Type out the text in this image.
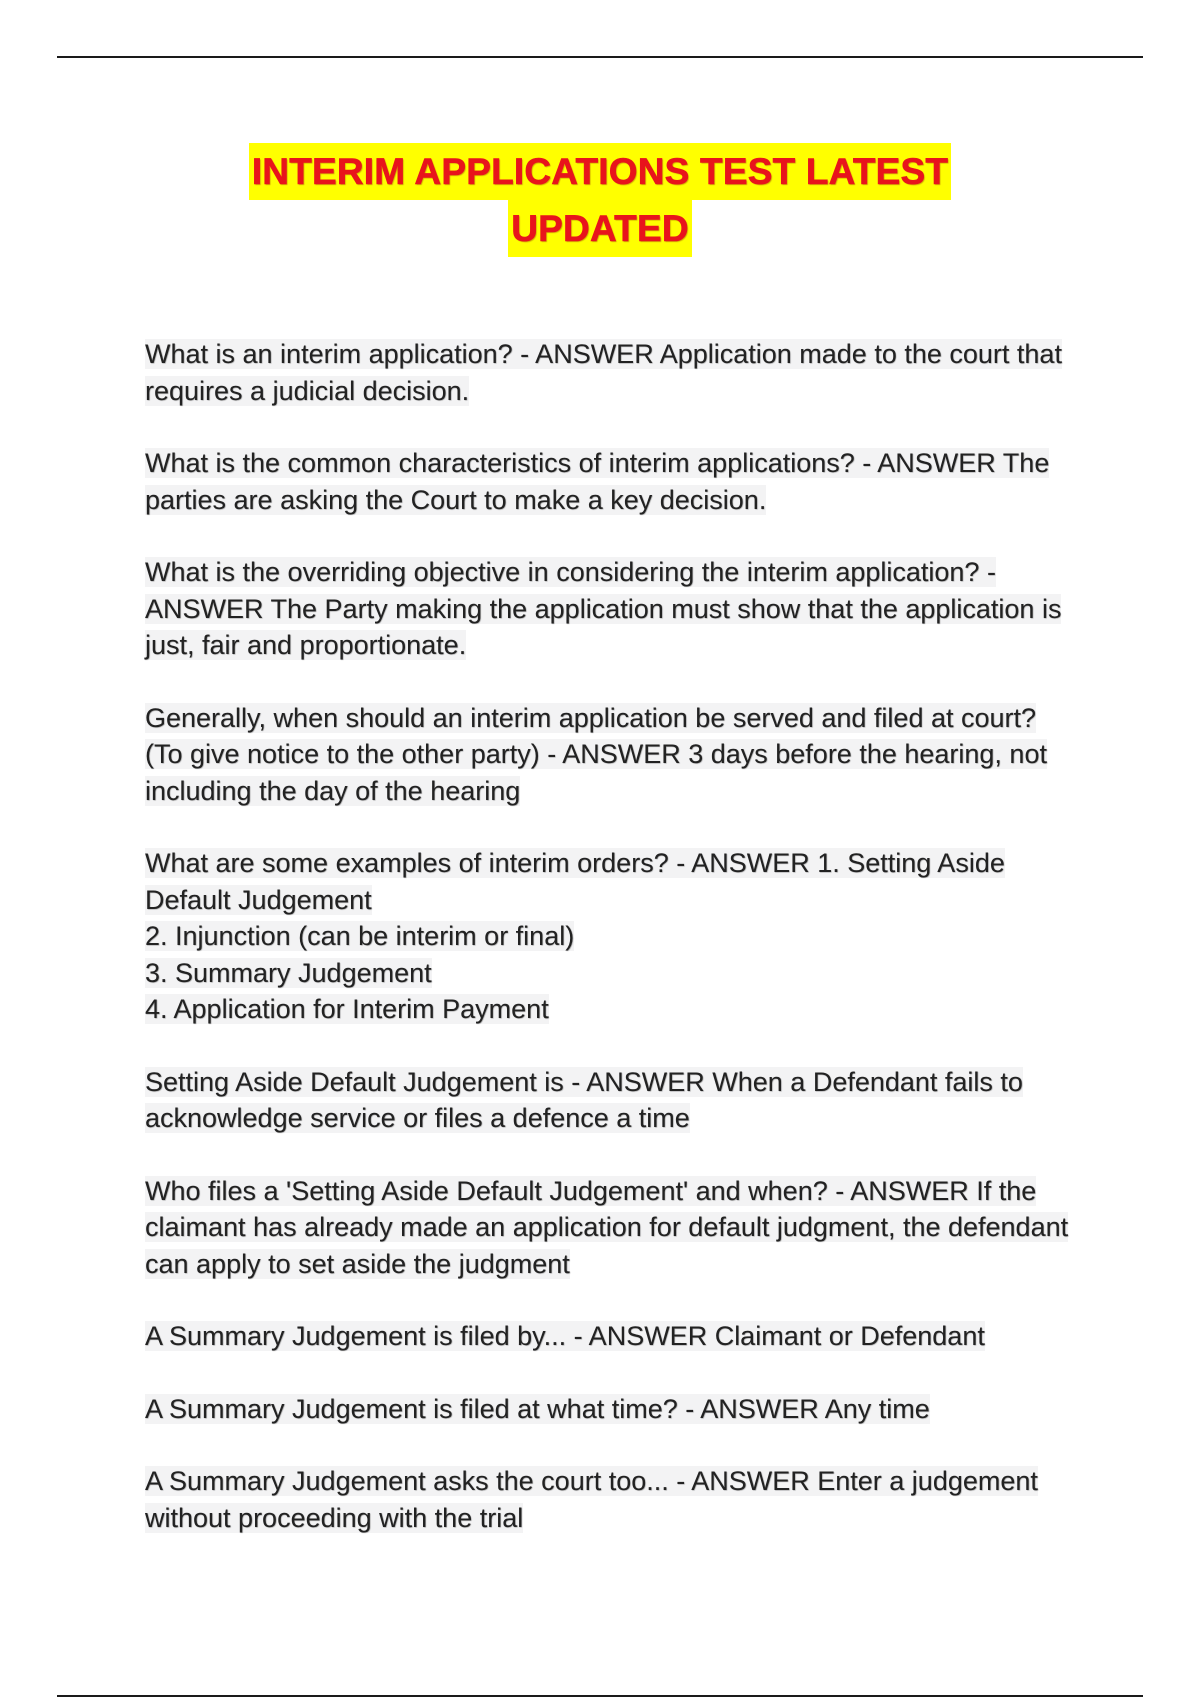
INTERIM APPLICATIONS TEST LATEST
UPDATED

What is an interim application? - ANSWER Application made to the court that requires a judicial decision.

What is the common characteristics of interim applications? - ANSWER The parties are asking the Court to make a key decision.

What is the overriding objective in considering the interim application? - ANSWER The Party making the application must show that the application is just, fair and proportionate.

Generally, when should an interim application be served and filed at court? (To give notice to the other party) - ANSWER 3 days before the hearing, not including the day of the hearing

What are some examples of interim orders? - ANSWER 1. Setting Aside Default Judgement
2. Injunction (can be interim or final)
3. Summary Judgement
4. Application for Interim Payment

Setting Aside Default Judgement is - ANSWER When a Defendant fails to acknowledge service or files a defence a time

Who files a 'Setting Aside Default Judgement' and when? - ANSWER If the claimant has already made an application for default judgment, the defendant can apply to set aside the judgment

A Summary Judgement is filed by... - ANSWER Claimant or Defendant

A Summary Judgement is filed at what time? - ANSWER Any time

A Summary Judgement asks the court too... - ANSWER Enter a judgement without proceeding with the trial
